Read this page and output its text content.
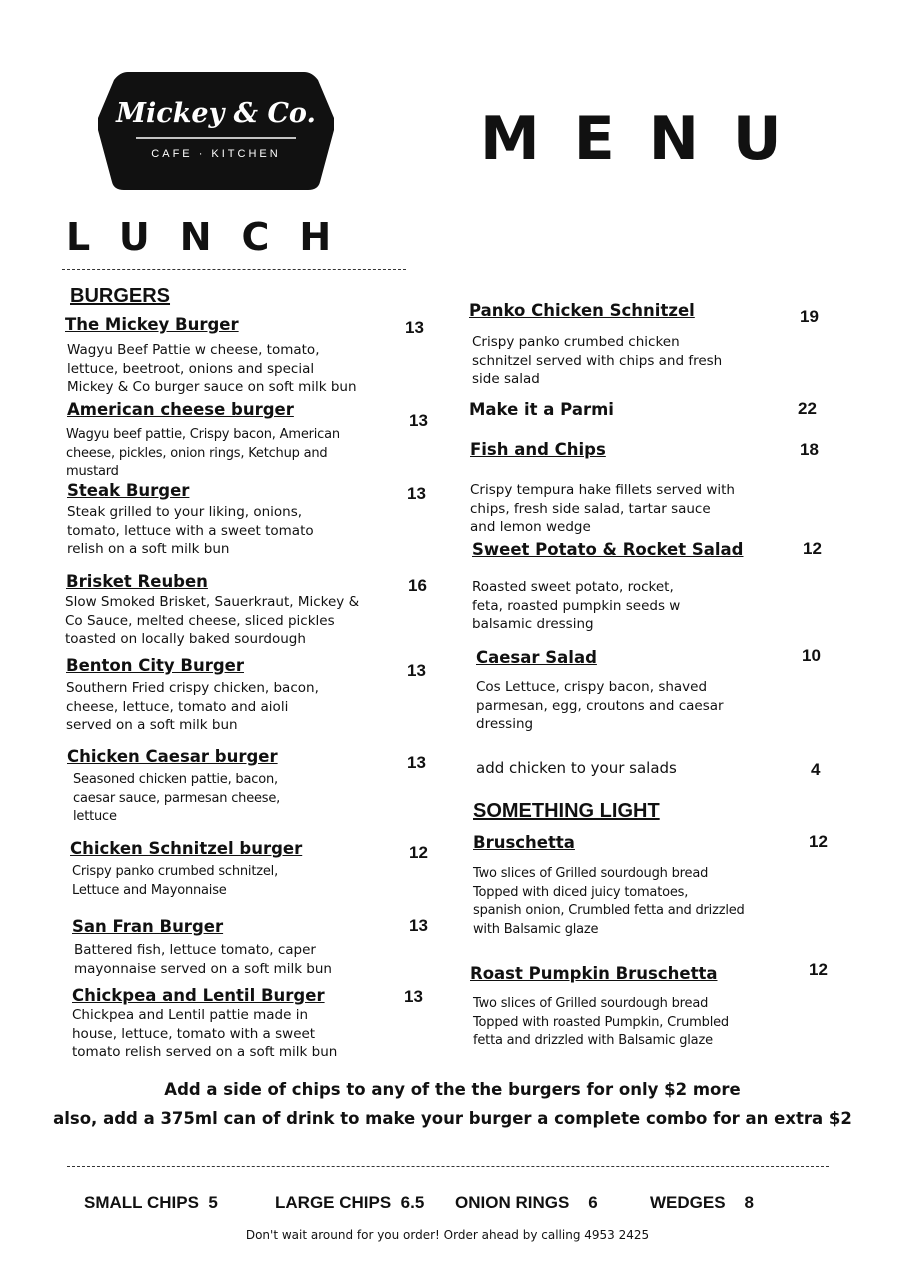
Mickey & Co.
CAFE · KITCHEN	MENU
LUNCH
BURGERS
The Mickey Burger	13
Wagyu Beef Pattie w cheese, tomato,
lettuce, beetroot, onions and special
Mickey & Co burger sauce on soft milk bun
American cheese burger
13
Wagyu beef pattie, Crispy bacon, American
cheese, pickles, onion rings, Ketchup and
mustard
Steak Burger	13
Steak grilled to your liking, onions,
tomato, lettuce with a sweet tomato
relish on a soft milk bun
Brisket Reuben	16
Slow Smoked Brisket, Sauerkraut, Mickey &
Co Sauce, melted cheese, sliced pickles
toasted on locally baked sourdough
Benton City Burger	13
Southern Fried crispy chicken, bacon,
cheese, lettuce, tomato and aioli
served on a soft milk bun
Chicken Caesar burger	13
Seasoned chicken pattie, bacon,
caesar sauce, parmesan cheese,
lettuce
Chicken Schnitzel burger	12
Crispy panko crumbed schnitzel,
Lettuce and Mayonnaise
San Fran Burger	13
Battered fish, lettuce tomato, caper
mayonnaise served on a soft milk bun
Chickpea and Lentil Burger	13
Chickpea and Lentil pattie made in
house, lettuce, tomato with a sweet
tomato relish served on a soft milk bun
Panko Chicken Schnitzel	19
Crispy panko crumbed chicken
schnitzel served with chips and fresh
side salad
Make it a Parmi	22
Fish and Chips	18
Crispy tempura hake fillets served with
chips, fresh side salad, tartar sauce
and lemon wedge
Sweet Potato & Rocket Salad	12
Roasted sweet potato, rocket,
feta, roasted pumpkin seeds w
balsamic dressing
Caesar Salad	10
Cos Lettuce, crispy bacon, shaved
parmesan, egg, croutons and caesar
dressing
add chicken to your salads	4
SOMETHING LIGHT
Bruschetta	12
Two slices of Grilled sourdough bread
Topped with diced juicy tomatoes,
spanish onion, Crumbled fetta and drizzled
with Balsamic glaze
Roast Pumpkin Bruschetta	12
Two slices of Grilled sourdough bread
Topped with roasted Pumpkin, Crumbled
fetta and drizzled with Balsamic glaze
Add a side of chips to any of the the burgers for only $2 more
also, add a 375ml can of drink to make your burger a complete combo for an extra $2
SMALL CHIPS 5	LARGE CHIPS 6.5 ONION RINGS 6	WEDGES 8
Don't wait around for you order! Order ahead by calling 4953 2425
